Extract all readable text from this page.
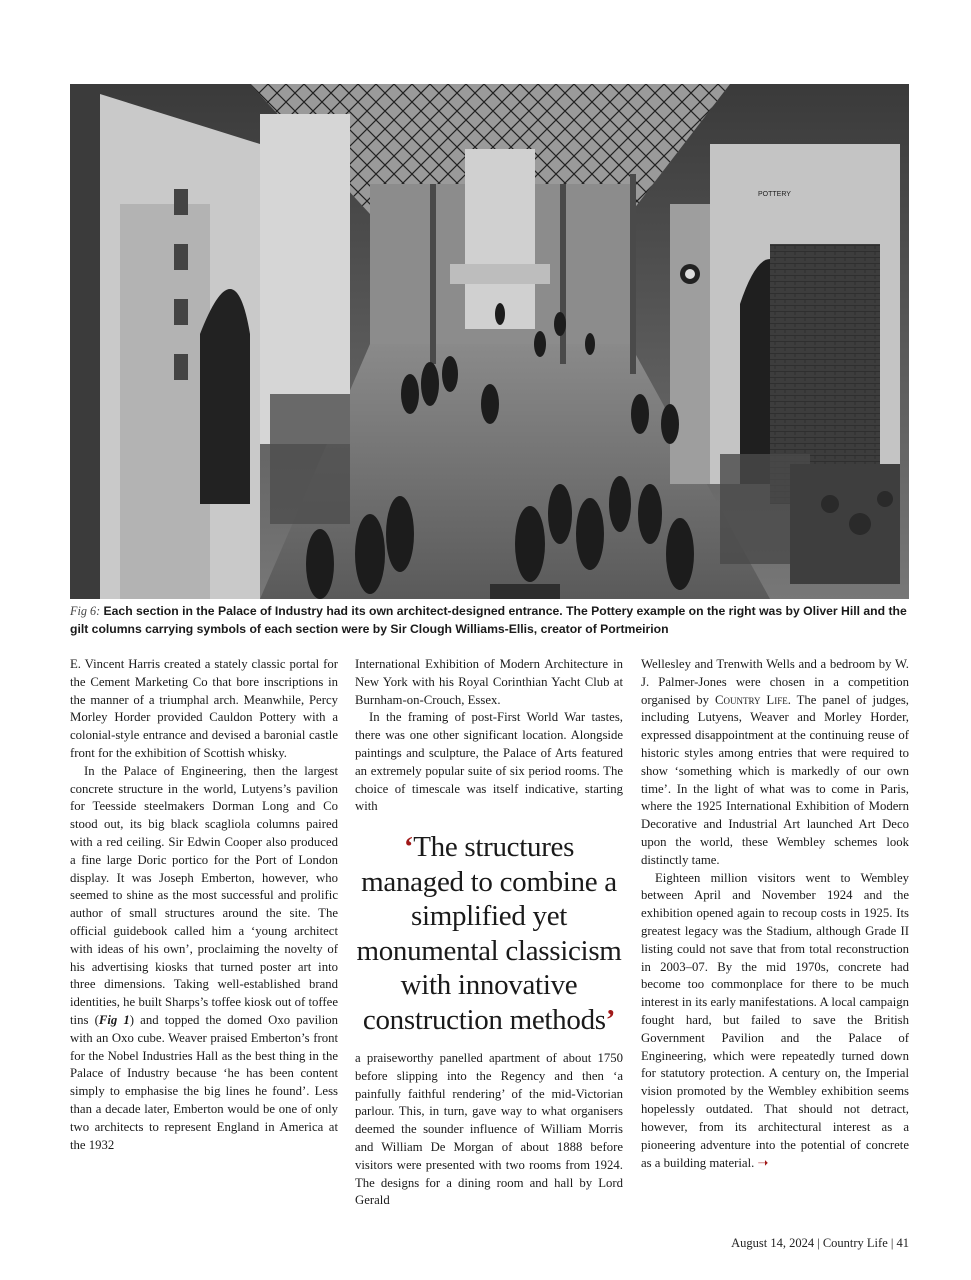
POTTERY
Fig 6: Each section in the Palace of Industry had its own architect-designed entrance. The Pottery example on the right was by Oliver Hill and the gilt columns carrying symbols of each section were by Sir Clough Williams-Ellis, creator of Portmeirion

E. Vincent Harris created a stately classic portal for the Cement Marketing Co that bore inscriptions in the manner of a triumphal arch. Meanwhile, Percy Morley Horder provided Cauldon Pottery with a colonial-style entrance and devised a baronial castle front for the exhibition of Scottish whisky.

In the Palace of Engineering, then the largest concrete structure in the world, Lutyens’s pavilion for Teesside steelmakers Dorman Long and Co stood out, its big black scagliola columns paired with a red ceiling. Sir Edwin Cooper also produced a fine large Doric portico for the Port of London display. It was Joseph Emberton, however, who seemed to shine as the most successful and prolific author of small structures around the site. The official guidebook called him a ‘young architect with ideas of his own’, proclaiming the novelty of his advertising kiosks that turned poster art into three dimensions. Taking well-established brand identities, he built Sharps’s toffee kiosk out of toffee tins (Fig 1) and topped the domed Oxo pavilion with an Oxo cube. Weaver praised Emberton’s front for the Nobel Industries Hall as the best thing in the Palace of Industry because ‘he has been content simply to emphasise the big lines he found’. Less than a decade later, Emberton would be one of only two architects to represent England in America at the 1932

International Exhibition of Modern Architecture in New York with his Royal Corinthian Yacht Club at Burnham-on-Crouch, Essex.

In the framing of post-First World War tastes, there was one other significant location. Alongside paintings and sculpture, the Palace of Arts featured an extremely popular suite of six period rooms. The choice of timescale was itself indicative, starting with

‘The structures managed to combine a simplified yet monumental classicism with innovative construction methods’

a praiseworthy panelled apartment of about 1750 before slipping into the Regency and then ‘a painfully faithful rendering’ of the mid-Victorian parlour. This, in turn, gave way to what organisers deemed the sounder influence of William Morris and William De Morgan of about 1888 before visitors were presented with two rooms from 1924. The designs for a dining room and hall by Lord Gerald

Wellesley and Trenwith Wells and a bedroom by W. J. Palmer-Jones were chosen in a competition organised by Country Life. The panel of judges, including Lutyens, Weaver and Morley Horder, expressed disappointment at the continuing reuse of historic styles among entries that were required to show ‘something which is markedly of our own time’. In the light of what was to come in Paris, where the 1925 International Exhibition of Modern Decorative and Industrial Art launched Art Deco upon the world, these Wembley schemes look distinctly tame.

Eighteen million visitors went to Wembley between April and November 1924 and the exhibition opened again to recoup costs in 1925. Its greatest legacy was the Stadium, although Grade II listing could not save that from total reconstruction in 2003–07. By the mid 1970s, concrete had become too commonplace for there to be much interest in its early manifestations. A local campaign fought hard, but failed to save the British Government Pavilion and the Palace of Engineering, which were repeatedly turned down for statutory protection. A century on, the Imperial vision promoted by the Wembley exhibition seems hopelessly outdated. That should not detract, however, from its architectural interest as a pioneering adventure into the potential of concrete as a building material. ➝

August 14, 2024 | Country Life | 41
